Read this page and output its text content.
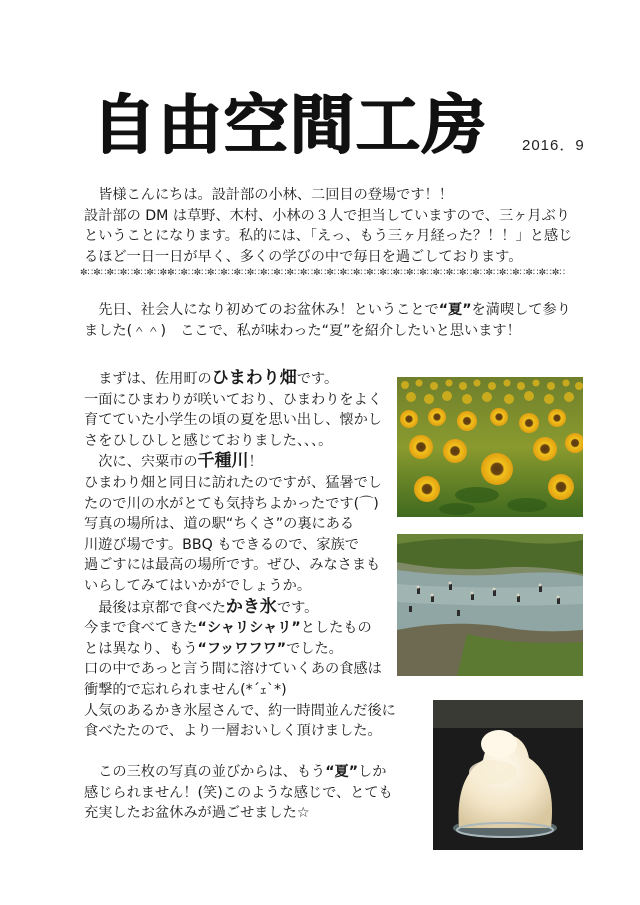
自由空間工房	2016．9
　皆様こんにちは。設計部の小林、二回目の登場です！！
設計部の DM は草野、木村、小林の３人で担当していますので、三ヶ月ぶり
ということになります。私的には、「えっ、もう三ヶ月経った？！！」と感じ
るほど一日一日が早く、多くの学びの中で毎日を過ごしております。
✼∷✼∷✼∷✼∷✼∷✼∷✼✼∷✼∷✼∷✼∷✼∷✼∷✼∷✼∷✼∷✼∷✼∷✼∷✼∷✼∷✼∷✼∷✼∷✼∷✼∷✼∷✼∷✼∷✼∷✼∷✼∷✼∷✼∷✼∷✼∷✼∷
　先日、社会人になり初めてのお盆休み！ということで“夏”を満喫して参り
ました(＾＾)　ここで、私が味わった“夏”を紹介したいと思います！
　まずは、佐用町のひまわり畑です。
一面にひまわりが咲いており、ひまわりをよく
育てていた小学生の頃の夏を思い出し、懐かし
さをひしひしと感じておりました、、、。
　次に、宍粟市の千種川！
ひまわり畑と同日に訪れたのですが、猛暑でし
たので川の水がとても気持ちよかったです(⌒)
写真の場所は、道の駅“ちくさ”の裏にある
川遊び場です。BBQ もできるので、家族で
過ごすには最高の場所です。ぜひ、みなさまも
いらしてみてはいかがでしょうか。
　最後は京都で食べたかき氷です。
今まで食べてきた“シャリシャリ”としたもの
とは異なり、もう“フッワフワ”でした。
口の中であっと言う間に溶けていくあの食感は
衝撃的で忘れられません(*´ｪ`*)
人気のあるかき氷屋さんで、約一時間並んだ後に
食べたたので、より一層おいしく頂けました。
　この三枚の写真の並びからは、もう“夏”しか
感じられません！(笑)このような感じで、とても
充実したお盆休みが過ごせました☆
